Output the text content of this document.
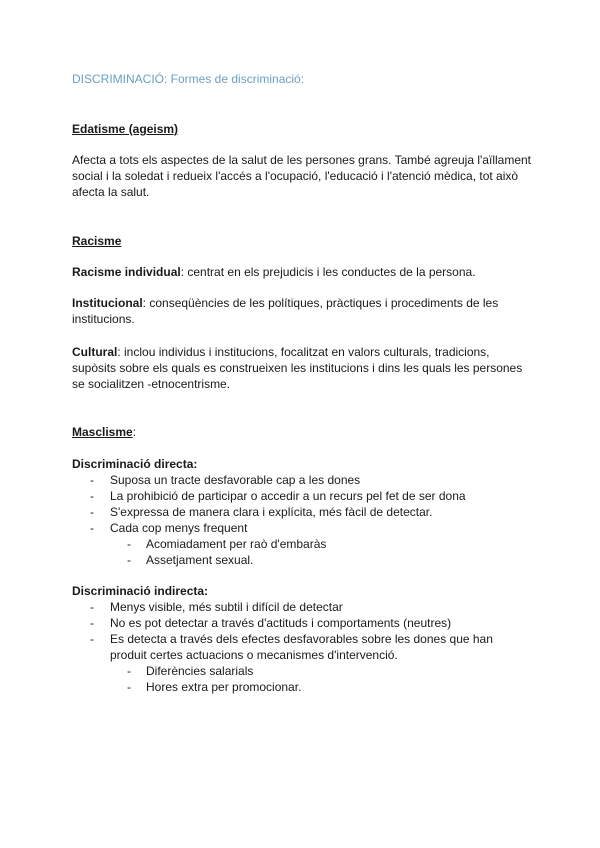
DISCRIMINACIÓ: Formes de discriminació:
Edatisme (ageism)

Afecta a tots els aspectes de la salut de les persones grans. També agreuja l'aïllament social i la soledat i redueix l'accés a l'ocupació, l'educació i l'atenció mèdica, tot això afecta la salut.

Racisme

Racisme individual: centrat en els prejudicis i les conductes de la persona.

Institucional: conseqüències de les polítiques, pràctiques i procediments de les institucions.

Cultural: inclou individus i institucions, focalitzat en valors culturals, tradicions, supòsits sobre els quals es construeixen les institucions i dins les quals les persones se socialitzen -etnocentrisme.

Masclisme:
Discriminació directa:
- Suposa un tracte desfavorable cap a les dones
- La prohibició de participar o accedir a un recurs pel fet de ser dona
- S'expressa de manera clara i explícita, més fàcil de detectar.
- Cada cop menys frequent
- Acomiadament per raò d'embaràs
- Assetjament sexual.
Discriminació indirecta:
- Menys visible, més subtil i difícil de detectar
- No es pot detectar a través d'actituds i comportaments (neutres)
- Es detecta a través dels efectes desfavorables sobre les dones que han produit certes actuacions o mecanismes d'intervenció.
- Diferències salarials
- Hores extra per promocionar.
